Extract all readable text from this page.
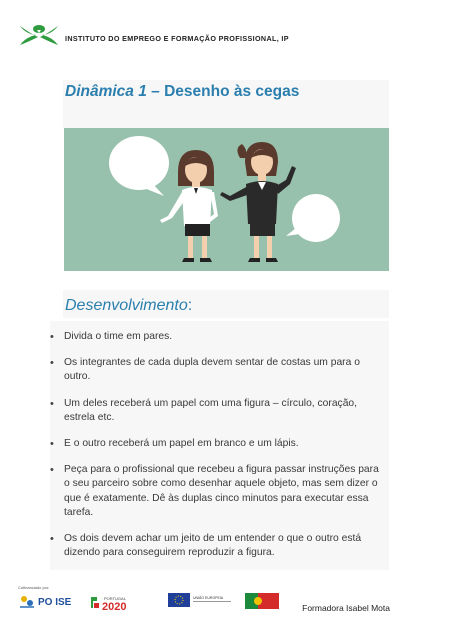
INSTITUTO DO EMPREGO E FORMAÇÃO PROFISSIONAL, IP
Dinâmica 1 – Desenho às cegas
Desenvolvimento:
• Divida o time em pares.
• Os integrantes de cada dupla devem sentar de costas um para o outro.
• Um deles receberá um papel com uma figura – círculo, coração, estrela etc.
• E o outro receberá um papel em branco e um lápis.
• Peça para o profissional que recebeu a figura passar instruções para o seu parceiro sobre como desenhar aquele objeto, mas sem dizer o que é exatamente. Dê às duplas cinco minutos para executar essa tarefa.
• Os dois devem achar um jeito de um entender o que o outro está dizendo para conseguirem reproduzir a figura.
Cofinanciado por:
PO ISE	PORTUGAL
2020
UNIÃO EUROPEIA
Formadora Isabel Mota
